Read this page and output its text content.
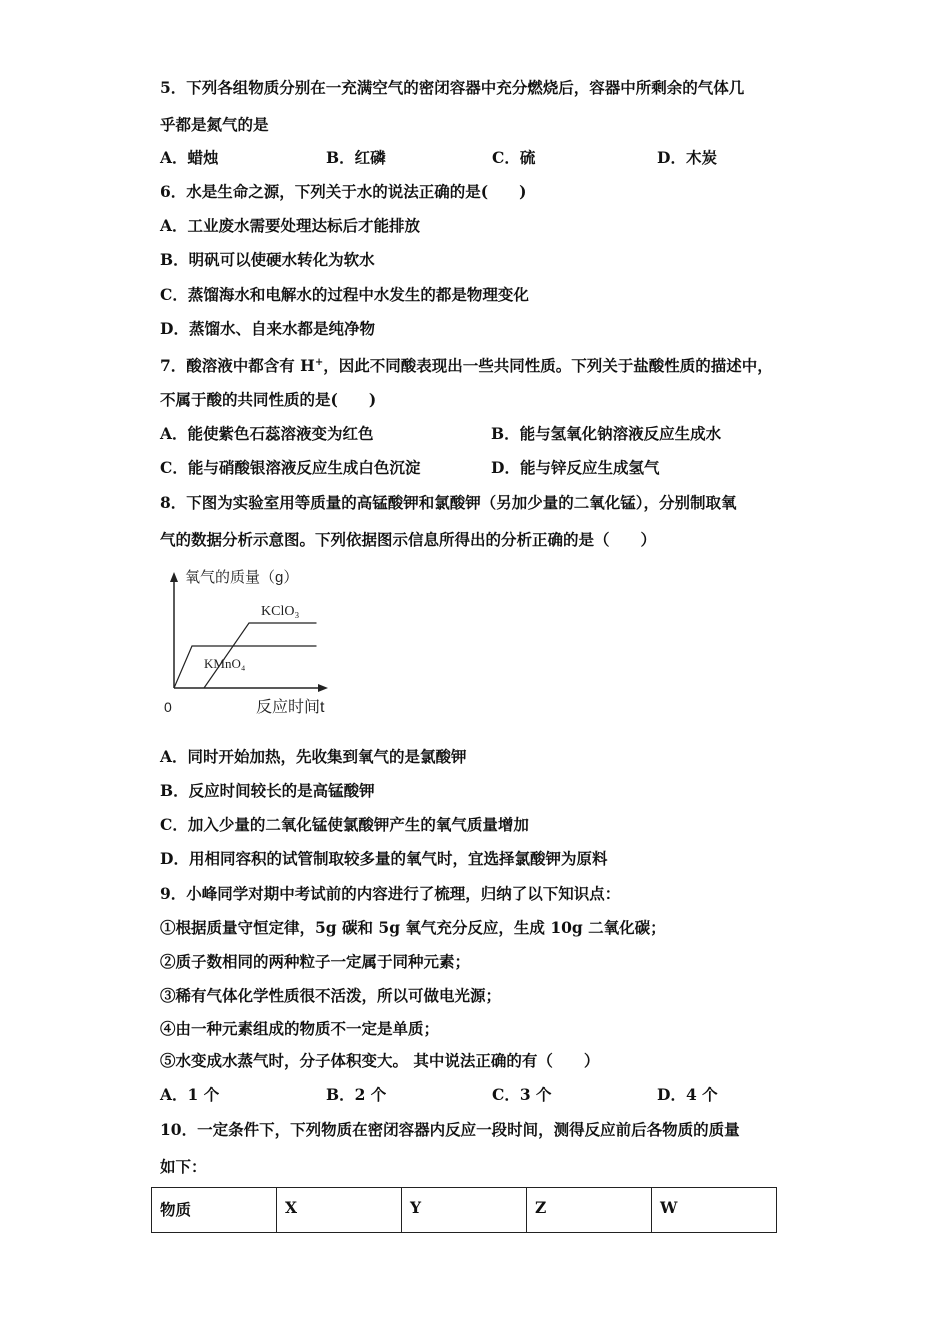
5．下列各组物质分别在一充满空气的密闭容器中充分燃烧后，容器中所剩余的气体几
乎都是氮气的是
A．蜡烛	B．红磷	C．硫	D．木炭
6．水是生命之源，下列关于水的说法正确的是(　　)
A．工业废水需要处理达标后才能排放
B．明矾可以使硬水转化为软水
C．蒸馏海水和电解水的过程中水发生的都是物理变化
D．蒸馏水、自来水都是纯净物
7．酸溶液中都含有 H+，因此不同酸表现出一些共同性质。下列关于盐酸性质的描述中，
不属于酸的共同性质的是(　　)
A．能使紫色石蕊溶液变为红色	B．能与氢氧化钠溶液反应生成水
C．能与硝酸银溶液反应生成白色沉淀	D．能与锌反应生成氢气
8．下图为实验室用等质量的高锰酸钾和氯酸钾（另加少量的二氧化锰），分别制取氧
气的数据分析示意图。下列依据图示信息所得出的分析正确的是（　　）
氧气的质量（g）
0	反应时间t
KClO₃
KMnO₄
A．同时开始加热，先收集到氧气的是氯酸钾
B．反应时间较长的是高锰酸钾
C．加入少量的二氧化锰使氯酸钾产生的氧气质量增加
D．用相同容积的试管制取较多量的氧气时，宜选择氯酸钾为原料
9．小峰同学对期中考试前的内容进行了梳理，归纳了以下知识点：
①根据质量守恒定律，5g 碳和 5g 氧气充分反应，生成 10g 二氧化碳；
②质子数相同的两种粒子一定属于同种元素；
③稀有气体化学性质很不活泼，所以可做电光源；
④由一种元素组成的物质不一定是单质；
⑤水变成水蒸气时，分子体积变大。 其中说法正确的有（　　）
A．1 个	B．2 个	C．3 个	D．4 个
10．一定条件下，下列物质在密闭容器内反应一段时间，测得反应前后各物质的质量
如下：
物质	X	Y	Z	W
